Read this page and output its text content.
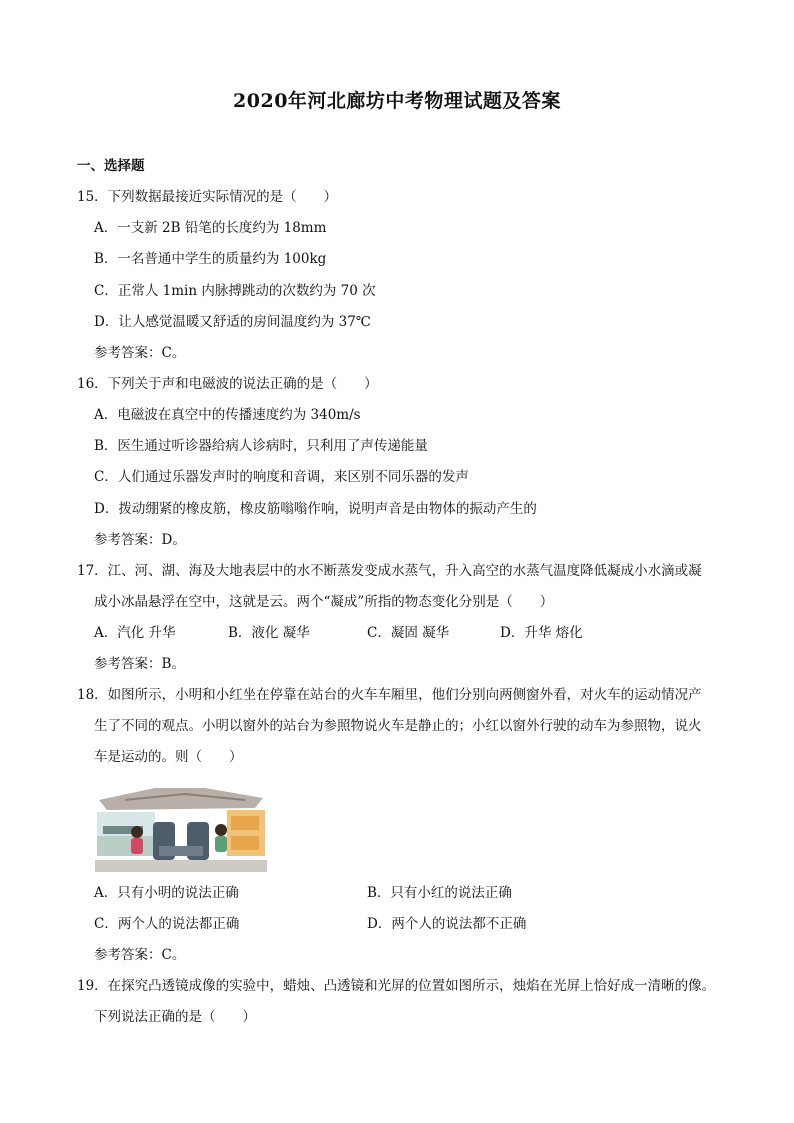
2020年河北廊坊中考物理试题及答案
一、选择题
15．下列数据最接近实际情况的是（　　）
A．一支新 2B 铅笔的长度约为 18mm
B．一名普通中学生的质量约为 100kg
C．正常人 1min 内脉搏跳动的次数约为 70 次
D．让人感觉温暖又舒适的房间温度约为 37℃
参考答案：C。
16．下列关于声和电磁波的说法正确的是（　　）
A．电磁波在真空中的传播速度约为 340m/s
B．医生通过听诊器给病人诊病时，只利用了声传递能量
C．人们通过乐器发声时的响度和音调，来区别不同乐器的发声
D．拨动绷紧的橡皮筋，橡皮筋嗡嗡作响，说明声音是由物体的振动产生的
参考答案：D。
17．江、河、湖、海及大地表层中的水不断蒸发变成水蒸气，升入高空的水蒸气温度降低凝成小水滴或凝
成小冰晶悬浮在空中，这就是云。两个“凝成”所指的物态变化分别是（　　）
A．汽化 升华	B．液化 凝华	C．凝固 凝华	D．升华 熔化
参考答案：B。
18．如图所示，小明和小红坐在停靠在站台的火车车厢里，他们分别向两侧窗外看，对火车的运动情况产
生了不同的观点。小明以窗外的站台为参照物说火车是静止的；小红以窗外行驶的动车为参照物，说火
车是运动的。则（　　）
A．只有小明的说法正确	B．只有小红的说法正确
C．两个人的说法都正确	D．两个人的说法都不正确
参考答案：C。
19．在探究凸透镜成像的实验中，蜡烛、凸透镜和光屏的位置如图所示，烛焰在光屏上恰好成一清晰的像。
下列说法正确的是（　　）
